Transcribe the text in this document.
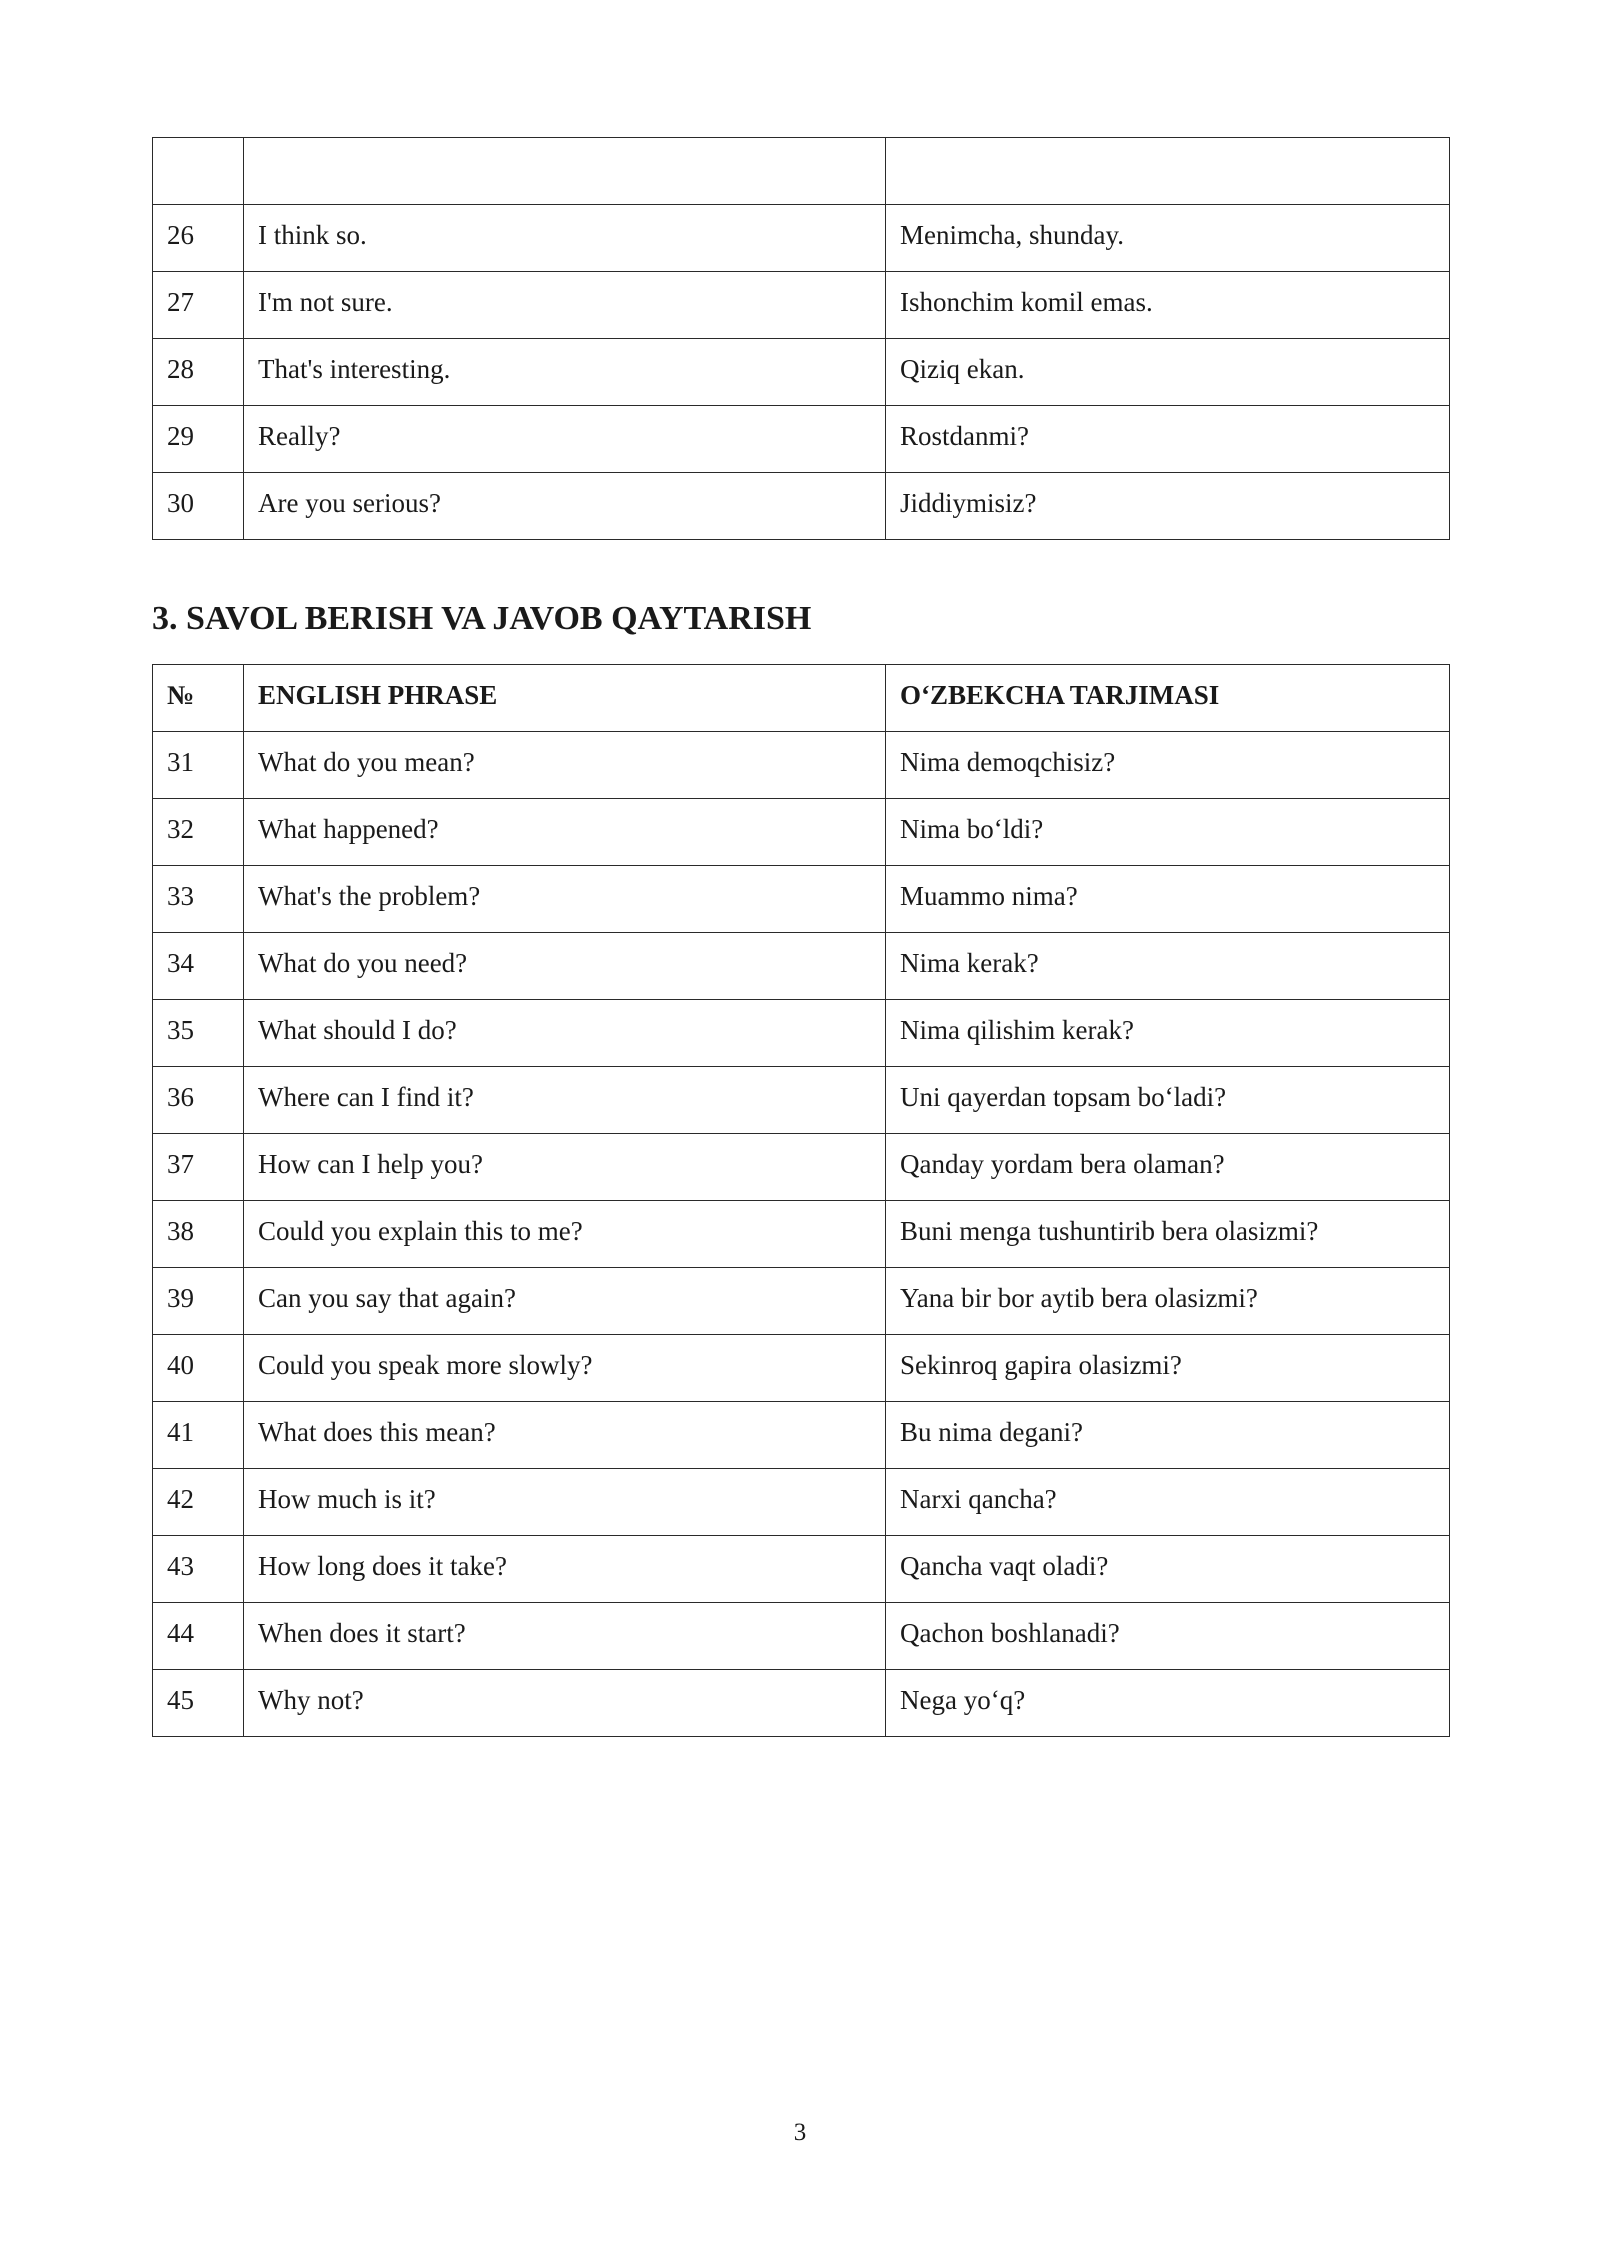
26	I think so.	Menimcha, shunday.

27	I'm not sure.	Ishonchim komil emas.

28	That's interesting.	Qiziq ekan.

29	Really?	Rostdanmi?

30	Are you serious?	Jiddiymisiz?
3. SAVOL BERISH VA JAVOB QAYTARISH
№	ENGLISH PHRASE	O‘ZBEKCHA TARJIMASI

31	What do you mean?	Nima demoqchisiz?

32	What happened?	Nima bo‘ldi?

33	What's the problem?	Muammo nima?

34	What do you need?	Nima kerak?

35	What should I do?	Nima qilishim kerak?

36	Where can I find it?	Uni qayerdan topsam bo‘ladi?

37	How can I help you?	Qanday yordam bera olaman?

38	Could you explain this to me?	Buni menga tushuntirib bera olasizmi?

39	Can you say that again?	Yana bir bor aytib bera olasizmi?

40	Could you speak more slowly?	Sekinroq gapira olasizmi?

41	What does this mean?	Bu nima degani?

42	How much is it?	Narxi qancha?

43	How long does it take?	Qancha vaqt oladi?

44	When does it start?	Qachon boshlanadi?

45	Why not?	Nega yo‘q?
3
